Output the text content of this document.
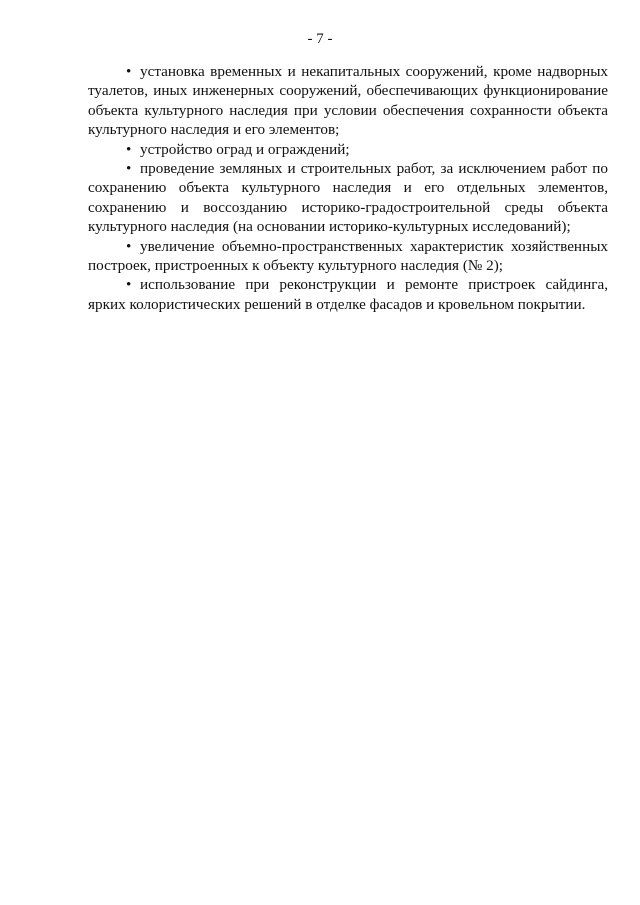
- 7 -

• установка временных и некапитальных сооружений, кроме надворных туалетов, иных инженерных сооружений, обеспечивающих функционирование объекта культурного наследия при условии обеспечения сохранности объекта культурного наследия и его элементов;

• устройство оград и ограждений;

• проведение земляных и строительных работ, за исключением работ по сохранению объекта культурного наследия и его отдельных элементов, сохранению и воссозданию историко-градостроительной среды объекта культурного наследия (на основании историко-культурных исследований);

• увеличение объемно-пространственных характеристик хозяйственных построек, пристроенных к объекту культурного наследия (№ 2);

• использование при реконструкции и ремонте пристроек сайдинга, ярких колористических решений в отделке фасадов и кровельном покрытии.
